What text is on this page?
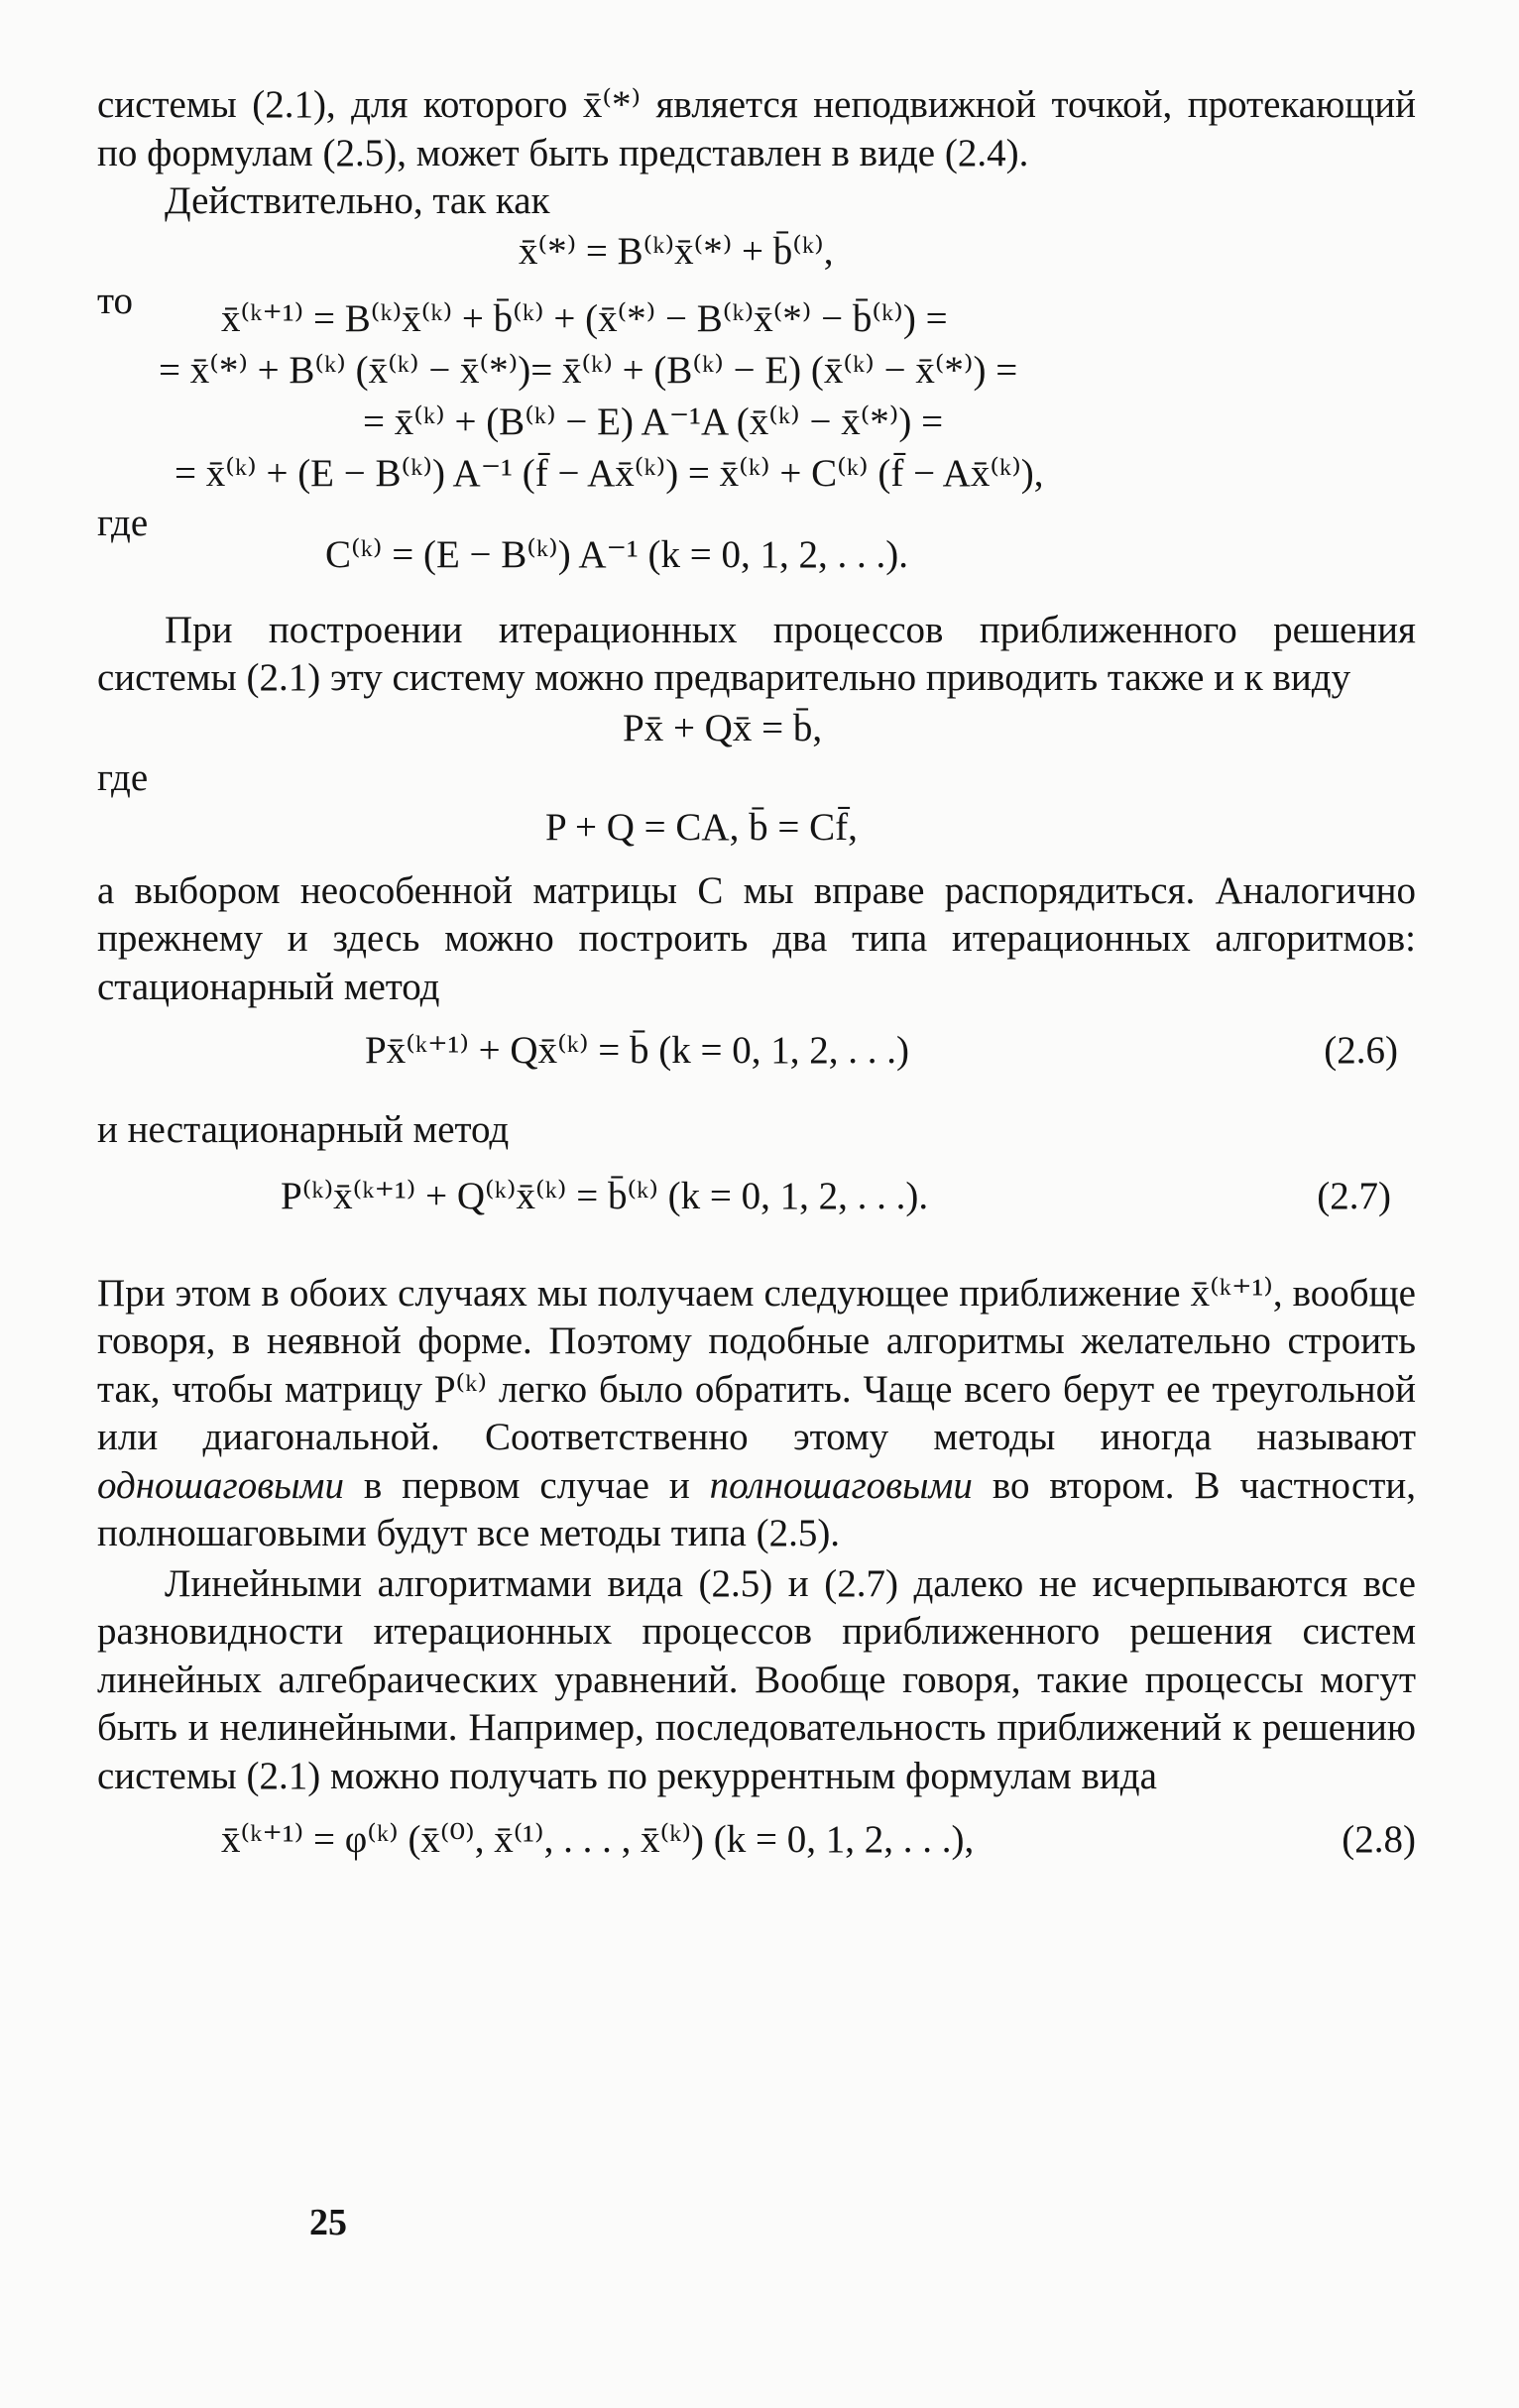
системы (2.1), для которого x̄⁽*⁾ является неподвижной точкой, протекающий по формулам (2.5), может быть представлен в виде (2.4).

Действительно, так как

x̄⁽*⁾ = B⁽ᵏ⁾x̄⁽*⁾ + b̄⁽ᵏ⁾,
то	x̄⁽ᵏ⁺¹⁾ = B⁽ᵏ⁾x̄⁽ᵏ⁾ + b̄⁽ᵏ⁾ + (x̄⁽*⁾ − B⁽ᵏ⁾x̄⁽*⁾ − b̄⁽ᵏ⁾) =
= x̄⁽*⁾ + B⁽ᵏ⁾ (x̄⁽ᵏ⁾ − x̄⁽*⁾)= x̄⁽ᵏ⁾ + (B⁽ᵏ⁾ − E) (x̄⁽ᵏ⁾ − x̄⁽*⁾) =
= x̄⁽ᵏ⁾ + (B⁽ᵏ⁾ − E) A⁻¹A (x̄⁽ᵏ⁾ − x̄⁽*⁾) =
= x̄⁽ᵏ⁾ + (E − B⁽ᵏ⁾) A⁻¹ (f̄ − Ax̄⁽ᵏ⁾) = x̄⁽ᵏ⁾ + C⁽ᵏ⁾ (f̄ − Ax̄⁽ᵏ⁾),
где
C⁽ᵏ⁾ = (E − B⁽ᵏ⁾) A⁻¹ (k = 0, 1, 2, . . .).

При построении итерационных процессов приближенного решения системы (2.1) эту систему можно предварительно приводить также и к виду

Px̄ + Qx̄ = b̄,
где
P + Q = CA, b̄ = Cf̄,

а выбором неособенной матрицы C мы вправе распорядиться. Аналогично прежнему и здесь можно построить два типа итерационных алгоритмов: стационарный метод

Px̄⁽ᵏ⁺¹⁾ + Qx̄⁽ᵏ⁾ = b̄ (k = 0, 1, 2, . . .)	(2.6)

и нестационарный метод

P⁽ᵏ⁾x̄⁽ᵏ⁺¹⁾ + Q⁽ᵏ⁾x̄⁽ᵏ⁾ = b̄⁽ᵏ⁾ (k = 0, 1, 2, . . .).	(2.7)

При этом в обоих случаях мы получаем следующее приближение x̄⁽ᵏ⁺¹⁾, вообще говоря, в неявной форме. Поэтому подобные алгоритмы желательно строить так, чтобы матрицу P⁽ᵏ⁾ легко было обратить. Чаще всего берут ее треугольной или диагональной. Соответственно этому методы иногда называют одношаговыми в первом случае и полношаговыми во втором. В частности, полношаговыми будут все методы типа (2.5).

Линейными алгоритмами вида (2.5) и (2.7) далеко не исчерпываются все разновидности итерационных процессов приближенного решения систем линейных алгебраических уравнений. Вообще говоря, такие процессы могут быть и нелинейными. Например, последовательность приближений к решению системы (2.1) можно получать по рекуррентным формулам вида

x̄⁽ᵏ⁺¹⁾ = φ⁽ᵏ⁾ (x̄⁽⁰⁾, x̄⁽¹⁾, . . . , x̄⁽ᵏ⁾) (k = 0, 1, 2, . . .),	(2.8)
25
